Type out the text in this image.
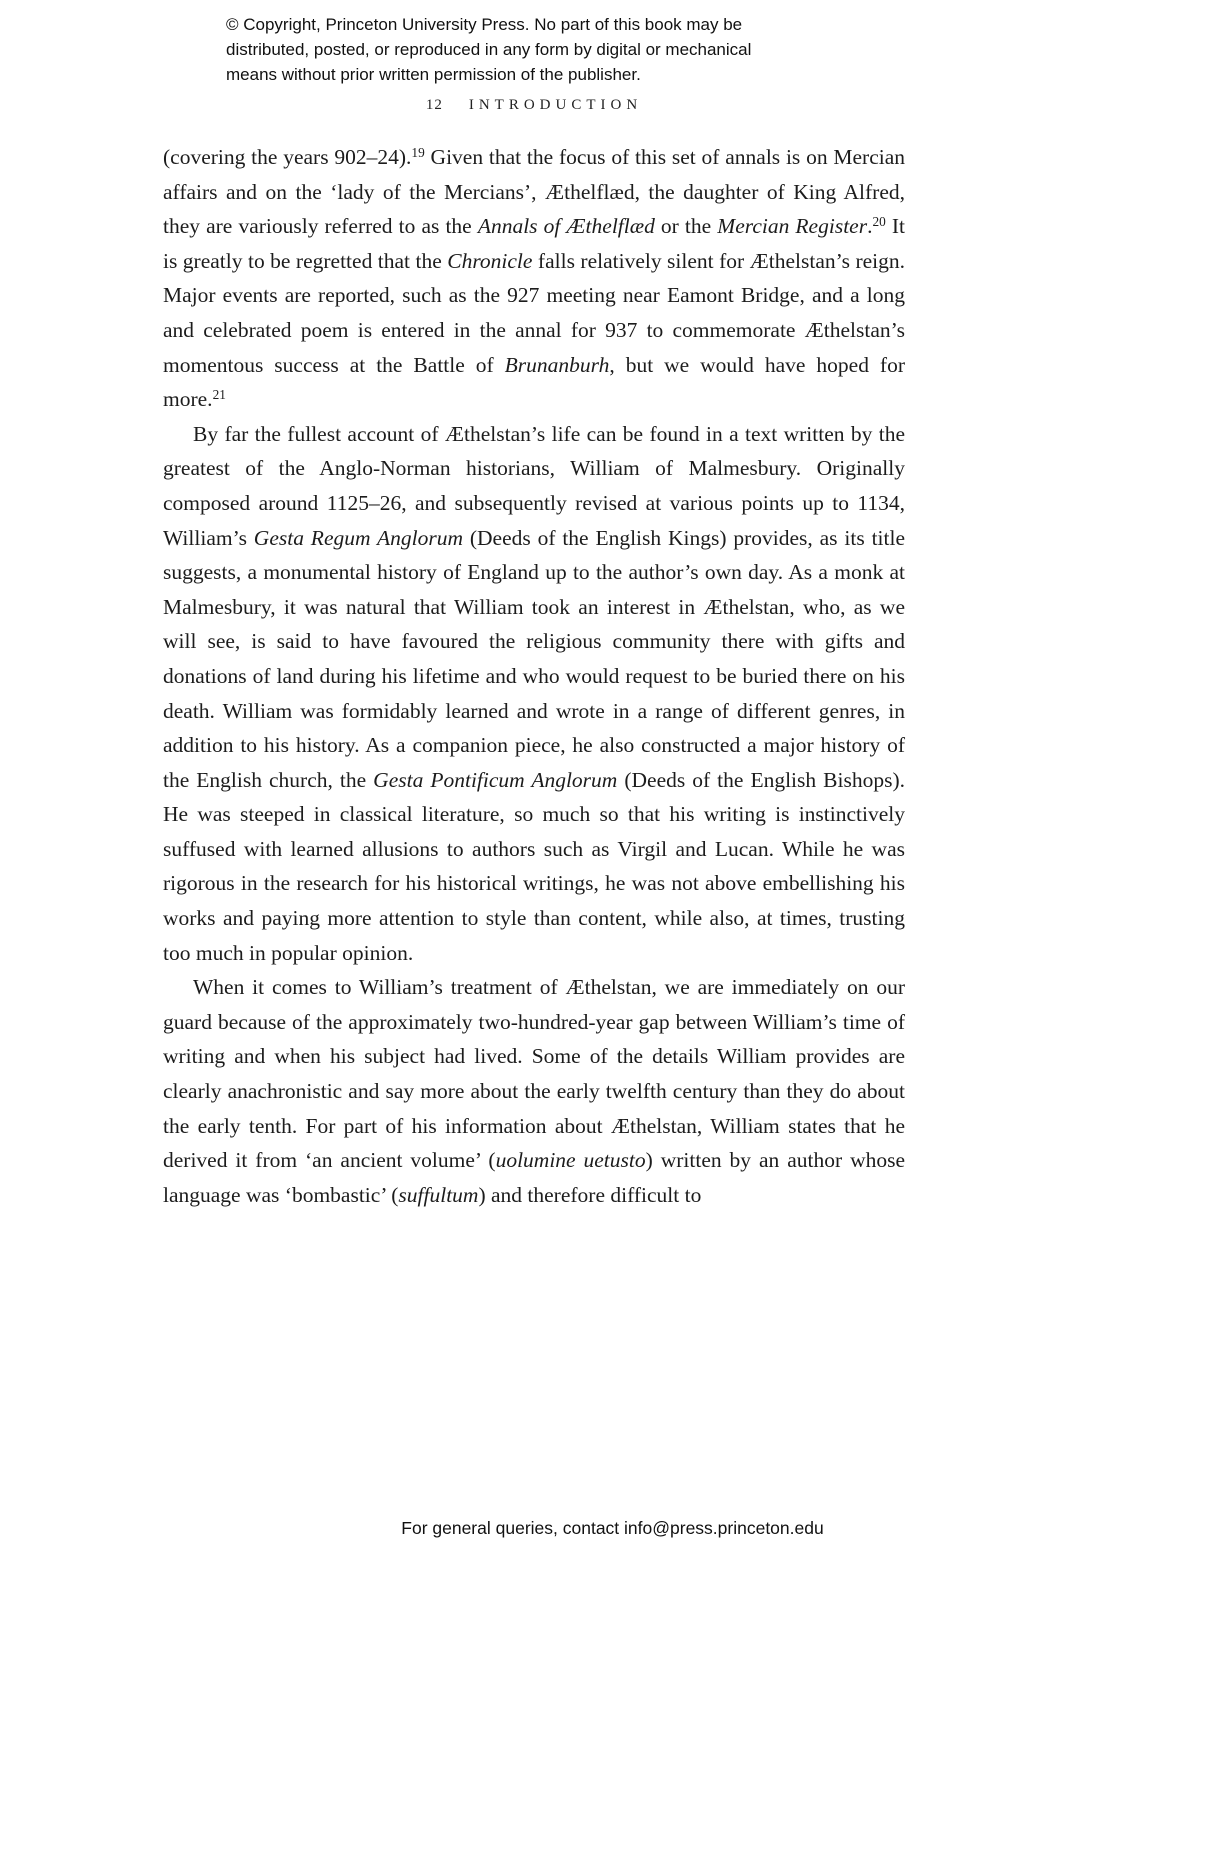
© Copyright, Princeton University Press. No part of this book may be
distributed, posted, or reproduced in any form by digital or mechanical
means without prior written permission of the publisher.
12 INTRODUCTION

(covering the years 902–24).$^{19}$ Given that the focus of this set of annals is on Mercian affairs and on the ‘lady of the Mercians’, Æthelflæd, the daughter of King Alfred, they are variously referred to as the Annals of Æthelflæd or the Mercian Register.$^{20}$ It is greatly to be regretted that the Chronicle falls relatively silent for Æthelstan’s reign. Major events are reported, such as the 927 meeting near Eamont Bridge, and a long and celebrated poem is entered in the annal for 937 to commemorate Æthelstan’s momentous success at the Battle of Brunanburh, but we would have hoped for more.$^{21}$

By far the fullest account of Æthelstan’s life can be found in a text written by the greatest of the Anglo-Norman historians, William of Malmesbury. Originally composed around 1125–26, and subsequently revised at various points up to 1134, William’s Gesta Regum Anglorum (Deeds of the English Kings) provides, as its title suggests, a monumental history of England up to the author’s own day. As a monk at Malmesbury, it was natural that William took an interest in Æthelstan, who, as we will see, is said to have favoured the religious community there with gifts and donations of land during his lifetime and who would request to be buried there on his death. William was formidably learned and wrote in a range of different genres, in addition to his history. As a companion piece, he also constructed a major history of the English church, the Gesta Pontificum Anglorum (Deeds of the English Bishops). He was steeped in classical literature, so much so that his writing is instinctively suffused with learned allusions to authors such as Virgil and Lucan. While he was rigorous in the research for his historical writings, he was not above embellishing his works and paying more attention to style than content, while also, at times, trusting too much in popular opinion.

When it comes to William’s treatment of Æthelstan, we are immediately on our guard because of the approximately two-hundred-year gap between William’s time of writing and when his subject had lived. Some of the details William provides are clearly anachronistic and say more about the early twelfth century than they do about the early tenth. For part of his information about Æthelstan, William states that he derived it from ‘an ancient volume’ (uolumine uetusto) written by an author whose language was ‘bombastic’ (suffultum) and therefore difficult to

For general queries, contact info@press.princeton.edu
